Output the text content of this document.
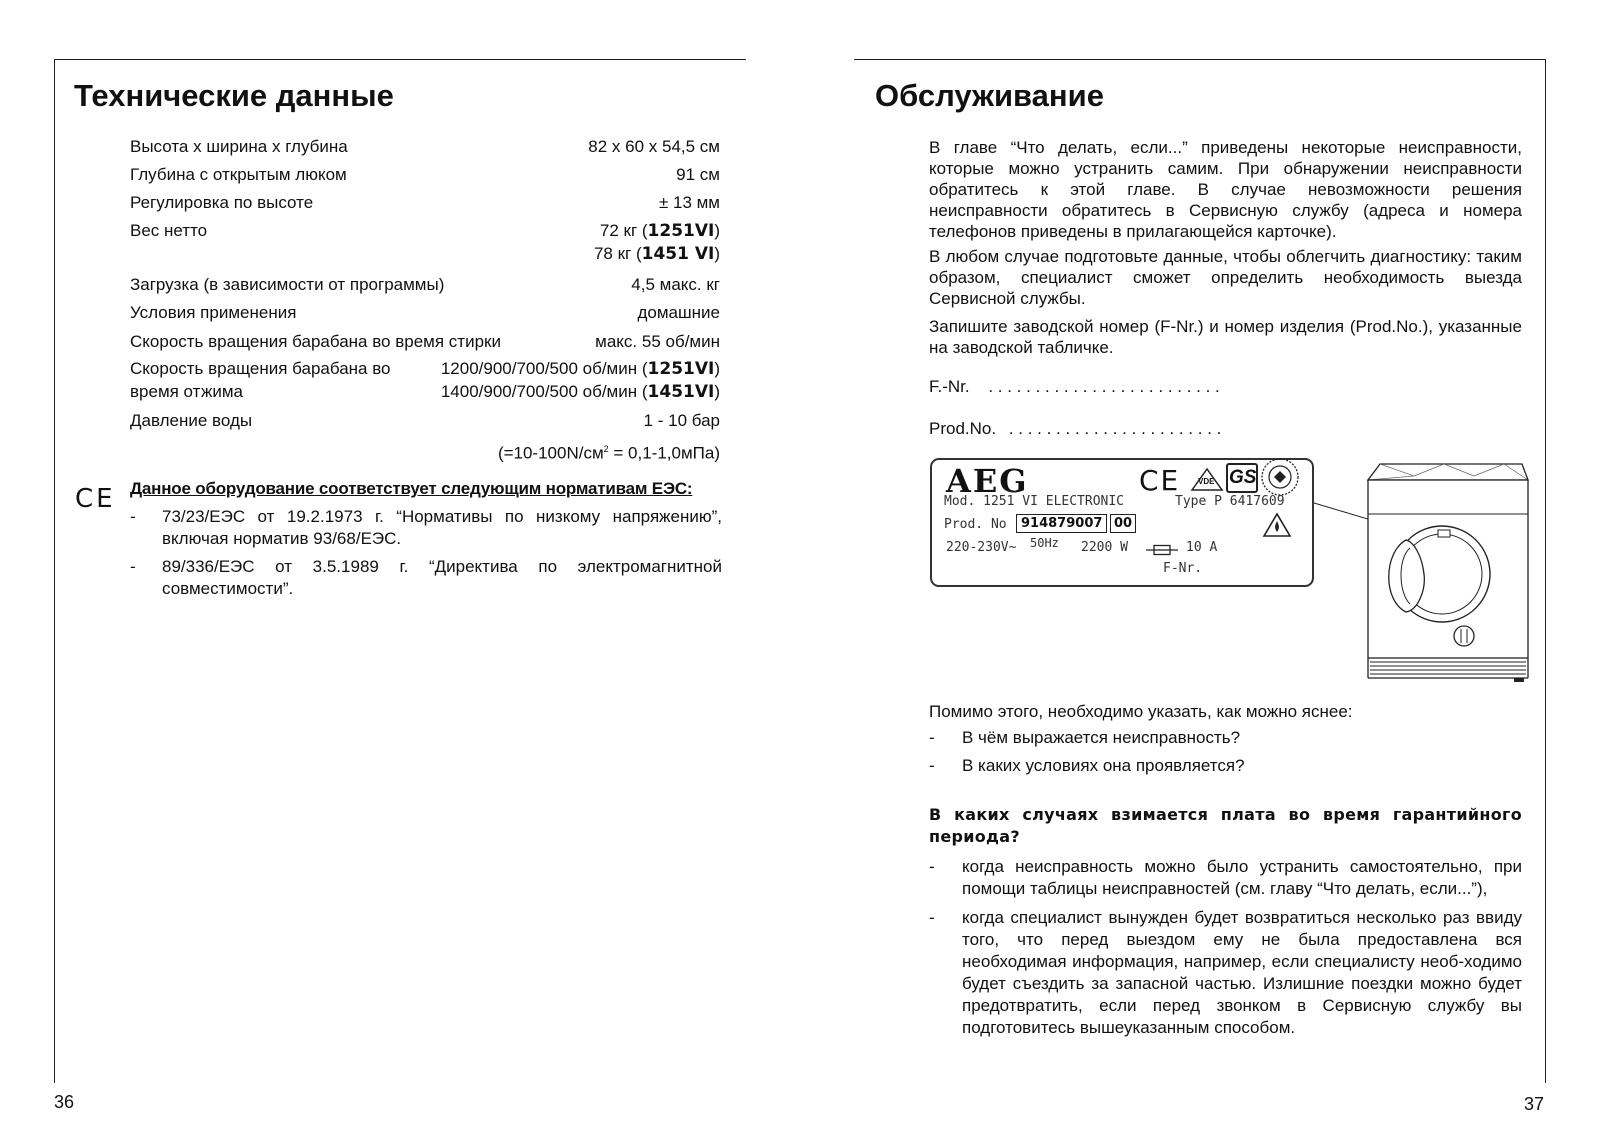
Технические данные
Высота х ширина х глубина	82 x 60 x 54,5 см
Глубина с открытым люком	91 см
Регулировка по высоте	± 13 мм
Вес нетто	72 кг (1251VI)
78 кг (1451 VI)
Загрузка (в зависимости от программы)	4,5 макс. кг
Условия применения	домашние
Скорость вращения барабана во время стирки	макс. 55 об/мин
Скорость вращения барабана во	1200/900/700/500 об/мин (1251VI)
время отжима	1400/900/700/500 об/мин (1451VI)
Давление воды	1 - 10 бар
$(=10-100N/см^2 = 0,1-1,0мПа)$
CE Данное оборудование соответствует следующим нормативам ЕЭС:
- 73/23/ЕЭС от 19.2.1973 г. “Нормативы по низкому напряжению”, включая норматив 93/68/ЕЭС.
- 89/336/ЕЭС от 3.5.1989 г. “Директива по электромагнитной совместимости”.
36
Обслуживание
В главе “Что делать, если...” приведены некоторые неисправности, которые можно устранить самим. При обнаружении неисправности обратитесь к этой главе. В случае невозможности решения неисправности обратитесь в Сервисную службу (адреса и номера телефонов приведены в прилагающейся карточке).
В любом случае подготовьте данные, чтобы облегчить диагностику: таким образом, специалист сможет определить необходимость выезда Сервисной службы.
Запишите заводской номер (F-Nr.) и номер изделия (Prod.No.), указанные на заводской табличке.
F.-Nr. . . . . . . . . . . . . . . . . . . . . . . . . .
Prod.No. . . . . . . . . . . . . . . . . . . . . . . .
AEG	CE VDE GS
Mod. 1251 VI ELECTRONIC	Type P 6417609
Prod. No	914879007 00
220-230V~ 50Hz 2200 W	10 A
F-Nr.
Помимо этого, необходимо указать, как можно яснее:
- В чём выражается неисправность?
- В каких условиях она проявляется?
В каких случаях взимается плата во время гарантийного периода?
- когда неисправность можно было устранить самостоятельно, при помощи таблицы неисправностей (см. главу “Что делать, если...”),
- когда специалист вынужден будет возвратиться несколько раз ввиду того, что перед выездом ему не была предоставлена вся необходимая информация, например, если специалисту необ-ходимо будет съездить за запасной частью. Излишние поездки можно будет предотвратить, если перед звонком в Сервисную службу вы подготовитесь вышеуказанным способом.
37
